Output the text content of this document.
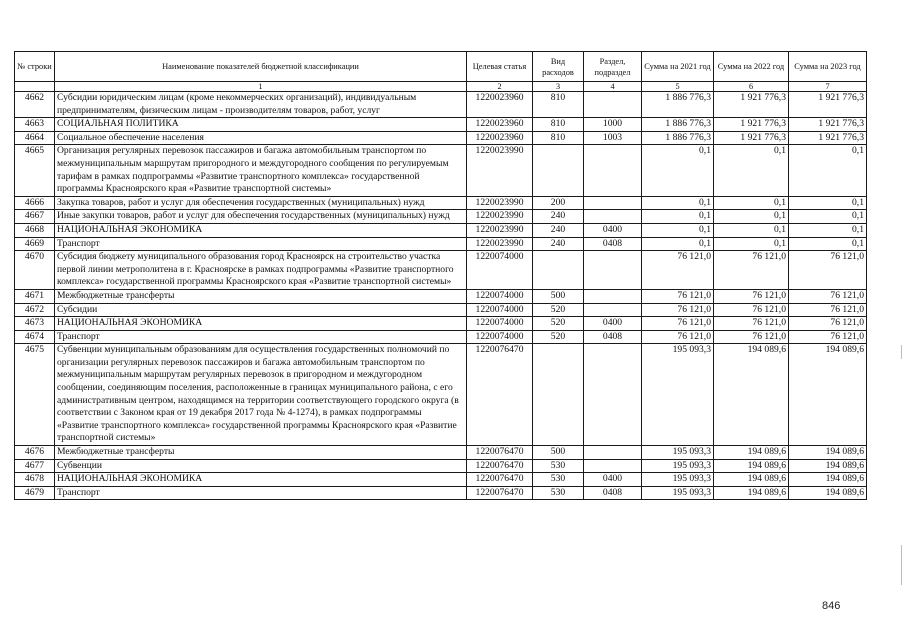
№ строки	Наименование показателей бюджетной классификации	Целевая статья	Вид расходов	Раздел, подраздел	Сумма на 2021 год	Сумма на 2022 год	Сумма на 2023 год
	1	2	3	4	5	6	7
4662	Субсидии юридическим лицам (кроме некоммерческих организаций), индивидуальным предпринимателям, физическим лицам - производителям товаров, работ, услуг	1220023960	810		1 886 776,3	1 921 776,3	1 921 776,3
4663	СОЦИАЛЬНАЯ ПОЛИТИКА	1220023960	810	1000	1 886 776,3	1 921 776,3	1 921 776,3
4664	Социальное обеспечение населения	1220023960	810	1003	1 886 776,3	1 921 776,3	1 921 776,3
4665	Организация регулярных перевозок пассажиров и багажа автомобильным транспортом по межмуниципальным маршрутам пригородного и междугородного сообщения по регулируемым тарифам в рамках подпрограммы «Развитие транспортного комплекса» государственной программы Красноярского края «Развитие транспортной системы»	1220023990			0,1	0,1	0,1
4666	Закупка товаров, работ и услуг для обеспечения государственных (муниципальных) нужд	1220023990	200		0,1	0,1	0,1
4667	Иные закупки товаров, работ и услуг для обеспечения государственных (муниципальных) нужд	1220023990	240		0,1	0,1	0,1
4668	НАЦИОНАЛЬНАЯ ЭКОНОМИКА	1220023990	240	0400	0,1	0,1	0,1
4669	Транспорт	1220023990	240	0408	0,1	0,1	0,1
4670	Субсидия бюджету муниципального образования город Красноярск на строительство участка первой линии метрополитена в г. Красноярске в рамках подпрограммы «Развитие транспортного комплекса» государственной программы Красноярского края «Развитие транспортной системы»	1220074000			76 121,0	76 121,0	76 121,0
4671	Межбюджетные трансферты	1220074000	500		76 121,0	76 121,0	76 121,0
4672	Субсидии	1220074000	520		76 121,0	76 121,0	76 121,0
4673	НАЦИОНАЛЬНАЯ ЭКОНОМИКА	1220074000	520	0400	76 121,0	76 121,0	76 121,0
4674	Транспорт	1220074000	520	0408	76 121,0	76 121,0	76 121,0
4675	Субвенции муниципальным образованиям для осуществления государственных полномочий по организации регулярных перевозок пассажиров и багажа автомобильным транспортом по межмуниципальным маршрутам регулярных перевозок в пригородном и междугородном сообщении, соединяющим поселения, расположенные в границах муниципального района, с его административным центром, находящимся на территории соответствующего городского округа (в соответствии с Законом края от 19 декабря 2017 года № 4-1274), в рамках подпрограммы «Развитие транспортного комплекса» государственной программы Красноярского края «Развитие транспортной системы»	1220076470			195 093,3	194 089,6	194 089,6
4676	Межбюджетные трансферты	1220076470	500		195 093,3	194 089,6	194 089,6
4677	Субвенции	1220076470	530		195 093,3	194 089,6	194 089,6
4678	НАЦИОНАЛЬНАЯ ЭКОНОМИКА	1220076470	530	0400	195 093,3	194 089,6	194 089,6
4679	Транспорт	1220076470	530	0408	195 093,3	194 089,6	194 089,6
846
